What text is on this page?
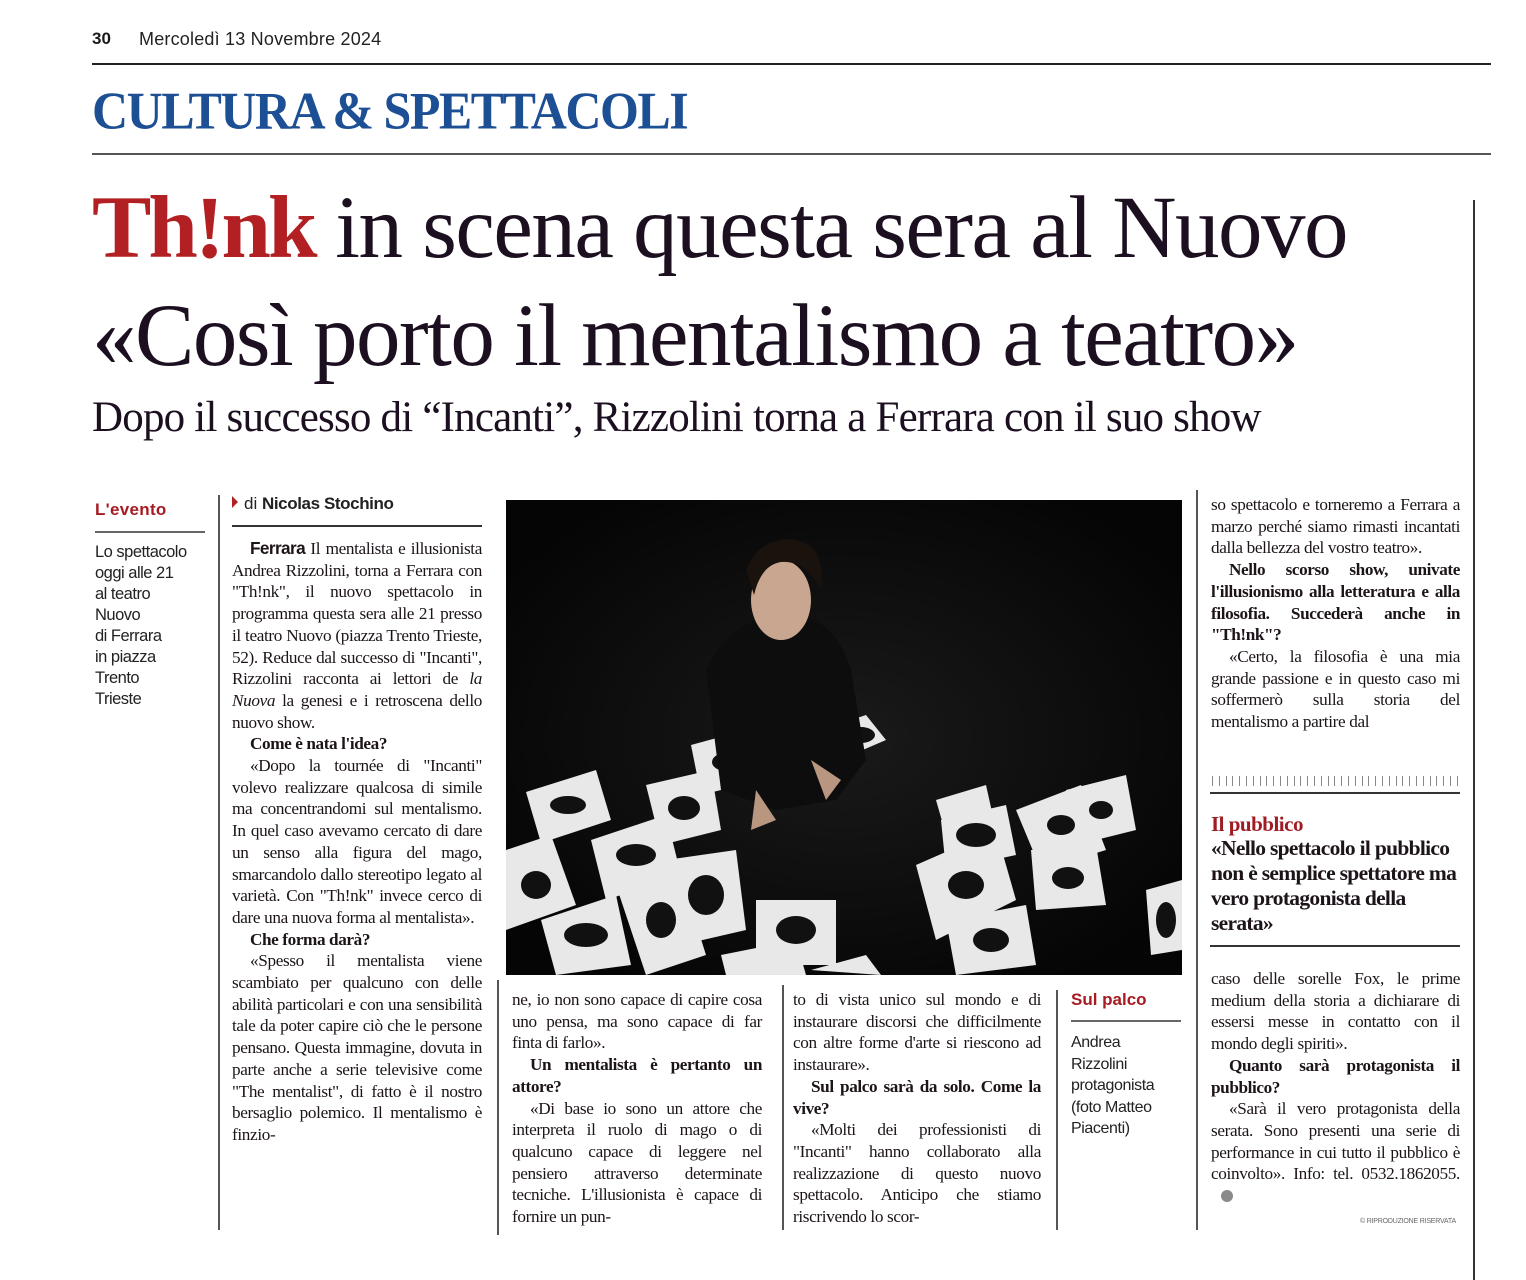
30 Mercoledì 13 Novembre 2024
CULTURA & SPETTACOLI
Th!nk in scena questa sera al Nuovo
«Così porto il mentalismo a teatro»
Dopo il successo di “Incanti”, Rizzolini torna a Ferrara con il suo show
L'evento
Lo spettacolo
oggi alle 21
al teatro
Nuovo
di Ferrara
in piazza
Trento
Trieste
di Nicolas Stochino

Ferrara Il mentalista e illusionista Andrea Rizzolini, torna a Ferrara con "Th!nk", il nuovo spettacolo in programma questa sera alle 21 presso il teatro Nuovo (piazza Trento Trieste, 52). Reduce dal successo di "Incanti", Rizzolini racconta ai lettori de la Nuova la genesi e i retroscena dello nuovo show.

Come è nata l'idea?

«Dopo la tournée di "Incanti" volevo realizzare qualcosa di simile ma concentrandomi sul mentalismo. In quel caso avevamo cercato di dare un senso alla figura del mago, smarcandolo dallo stereotipo legato al varietà. Con "Th!nk" invece cerco di dare una nuova forma al mentalista».

Che forma darà?

«Spesso il mentalista viene scambiato per qualcuno con delle abilità particolari e con una sensibilità tale da poter capire ciò che le persone pensano. Questa immagine, dovuta in parte anche a serie televisive come "The mentalist", di fatto è il nostro bersaglio polemico. Il mentalismo è finzio-

ne, io non sono capace di capire cosa uno pensa, ma sono capace di far finta di farlo».

Un mentalista è pertanto un attore?

«Di base io sono un attore che interpreta il ruolo di mago o di qualcuno capace di leggere nel pensiero attraverso determinate tecniche. L'illusionista è capace di fornire un pun-

to di vista unico sul mondo e di instaurare discorsi che difficilmente con altre forme d'arte si riescono ad instaurare».

Sul palco sarà da solo. Come la vive?

«Molti dei professionisti di "Incanti" hanno collaborato alla realizzazione di questo nuovo spettacolo. Anticipo che stiamo riscrivendo lo scor-

Sul palco
Andrea
Rizzolini
protagonista
(foto Matteo
Piacenti)

so spettacolo e torneremo a Ferrara a marzo perché siamo rimasti incantati dalla bellezza del vostro teatro».

Nello scorso show, univate l'illusionismo alla letteratura e alla filosofia. Succederà anche in "Th!nk"?

«Certo, la filosofia è una mia grande passione e in questo caso mi soffermerò sulla storia del mentalismo a partire dal

Il pubblico
«Nello spettacolo il pubblico non è semplice spettatore ma vero protagonista della serata»

caso delle sorelle Fox, le prime medium della storia a dichiarare di essersi messe in contatto con il mondo degli spiriti».

Quanto sarà protagonista il pubblico?

«Sarà il vero protagonista della serata. Sono presenti una serie di performance in cui tutto il pubblico è coinvolto». Info: tel. 0532.1862055.

© RIPRODUZIONE RISERVATA
